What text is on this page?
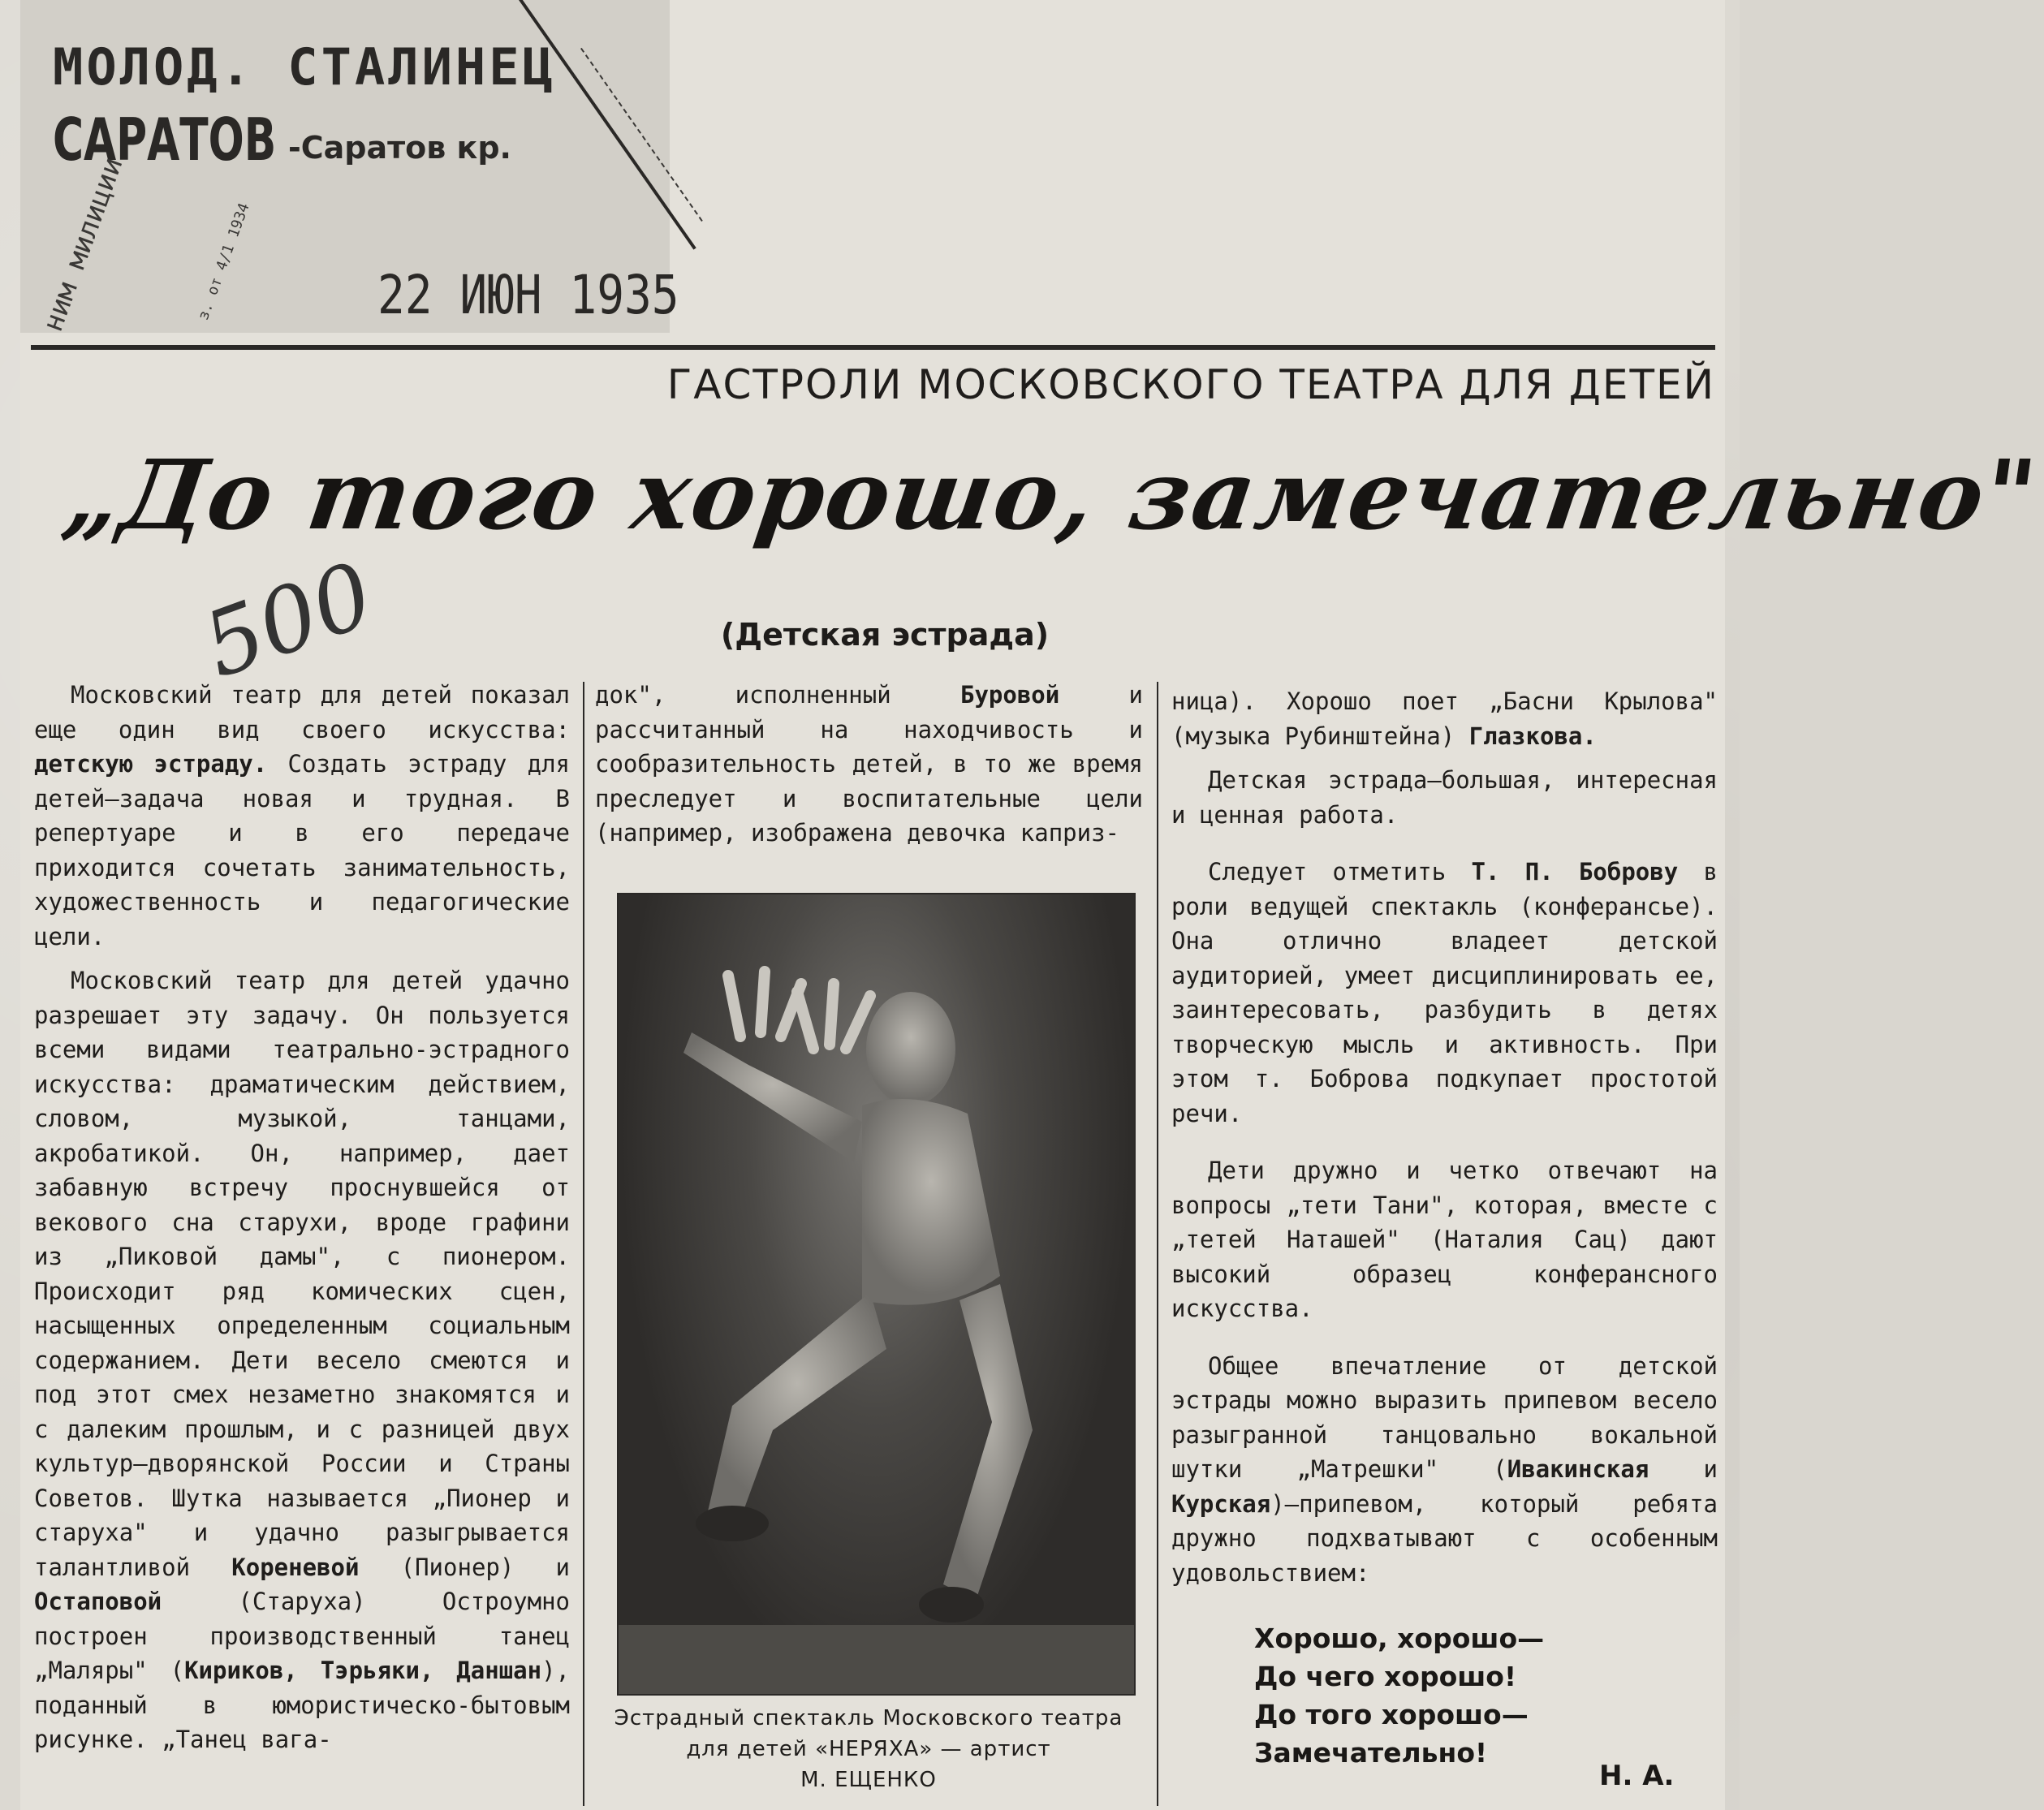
МОЛОД. СТАЛИНЕЦ
САРАТОВ -Саратов кр.
22 ИЮН 1935
ним милиции	з. от 4/1 1934
ГАСТРОЛИ МОСКОВСКОГО ТЕАТРА ДЛЯ ДЕТЕЙ
„До того хорошо, замечательно"
500	(Детская эстрада)

Московский театр для детей показал еще один вид своего искусства: детскую эстраду. Создать эстраду для детей—задача новая и трудная. В репертуаре и в его передаче приходится сочетать занимательность, художественность и педагогические цели.

Московский театр для детей удачно разрешает эту задачу. Он пользуется всеми видами театрально-эстрадного искусства: драматическим действием, словом, музыкой, танцами, акробатикой. Он, например, дает забавную встречу проснувшейся от векового сна старухи, вроде графини из „Пиковой дамы", с пионером. Происходит ряд комических сцен, насыщенных определенным социальным содержанием. Дети весело смеются и под этот смех незаметно знакомятся и с далеким прошлым, и с разницей двух культур—дворянской России и Страны Советов. Шутка называется „Пионер и старуха" и удачно разыгрывается талантливой Кореневой (Пионер) и Остаповой	(Старуха) Остроумно построен производственный танец „Маляры" (Кириков, Тэрьяки, Даншан), поданный в юмористическо-бытовым рисунке. „Танец вага-

док", исполненный	Буровой	и рассчитанный на находчивость и сообразительность детей, в то же время преследует и воспитательные цели (например, изображена девочка каприз-

Эстрадный спектакль Московского театра для детей «НЕРЯХА» — артист
М. ЕЩЕНКО

ница). Хорошо поет „Басни Крылова" (музыка Рубинштейна) Глазкова.

Детская эстрада—большая, интересная и ценная работа.

Следует отметить Т. П. Боброву в роли ведущей спектакль (конферансье). Она отлично владеет детской аудиторией, умеет дисциплинировать ее, заинтересовать, разбудить в детях творческую мысль и активность. При этом т. Боброва подкупает простотой речи.

Дети дружно и четко отвечают на вопросы „тети Тани", которая, вместе с „тетей Наташей" (Наталия Сац) дают высокий образец конферансного искусства.

Общее впечатление от детской эстрады можно выразить припевом весело разыгранной танцовально вокальной шутки „Матрешки" (Ивакинская и Курская)—припевом, который ребята дружно подхватывают с особенным удовольствием:

Хорошо, хорошо—
До чего хорошо!
До того хорошо—
Замечательно!
Н. А.
